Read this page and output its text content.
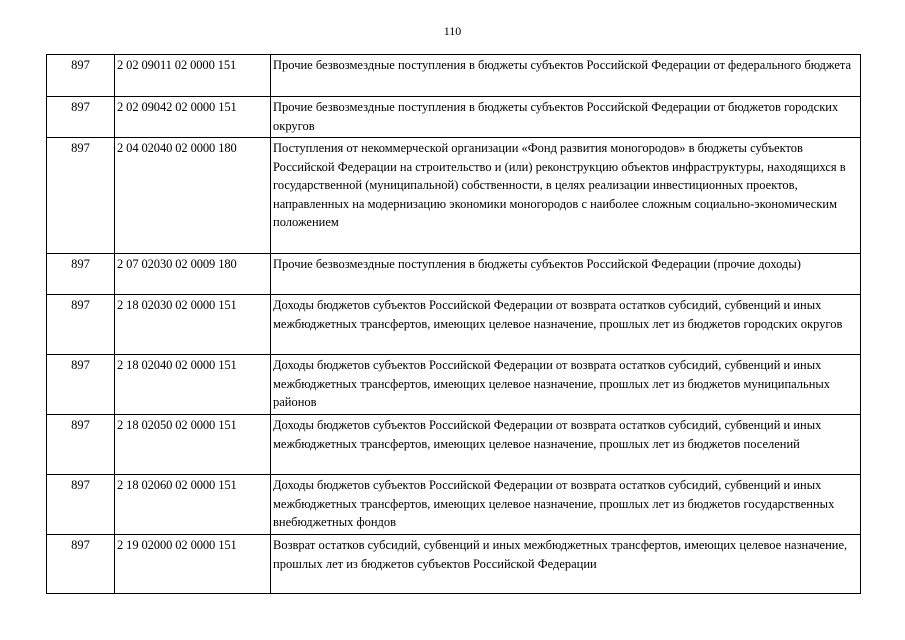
110
897	2 02 09011 02 0000 151	Прочие безвозмездные поступления в бюджеты субъектов Российской Федерации от федерального бюджета
897	2 02 09042 02 0000 151	Прочие безвозмездные поступления в бюджеты субъектов Российской Федерации от бюджетов городских округов
897	2 04 02040 02 0000 180	Поступления от некоммерческой организации «Фонд развития моногородов» в бюджеты субъектов Российской Федерации на строительство и (или) реконструкцию объектов инфраструктуры, находящихся в государственной (муниципальной) собственности, в целях реализации инвестиционных проектов, направленных на модернизацию экономики моногородов с наиболее сложным социально-экономическим положением
897	2 07 02030 02 0009 180	Прочие безвозмездные поступления в бюджеты субъектов Российской Федерации (прочие доходы)
897	2 18 02030 02 0000 151	Доходы бюджетов субъектов Российской Федерации от возврата остатков субсидий, субвенций и иных межбюджетных трансфертов, имеющих целевое назначение, прошлых лет из бюджетов городских округов
897	2 18 02040 02 0000 151	Доходы бюджетов субъектов Российской Федерации от возврата остатков субсидий, субвенций и иных межбюджетных трансфертов, имеющих целевое назначение, прошлых лет из бюджетов муниципальных районов
897	2 18 02050 02 0000 151	Доходы бюджетов субъектов Российской Федерации от возврата остатков субсидий, субвенций и иных межбюджетных трансфертов, имеющих целевое назначение, прошлых лет из бюджетов поселений
897	2 18 02060 02 0000 151	Доходы бюджетов субъектов Российской Федерации от возврата остатков субсидий, субвенций и иных межбюджетных трансфертов, имеющих целевое назначение, прошлых лет из бюджетов государственных внебюджетных фондов
897	2 19 02000 02 0000 151	Возврат остатков субсидий, субвенций и иных межбюджетных трансфертов, имеющих целевое назначение, прошлых лет из бюджетов субъектов Российской Федерации
